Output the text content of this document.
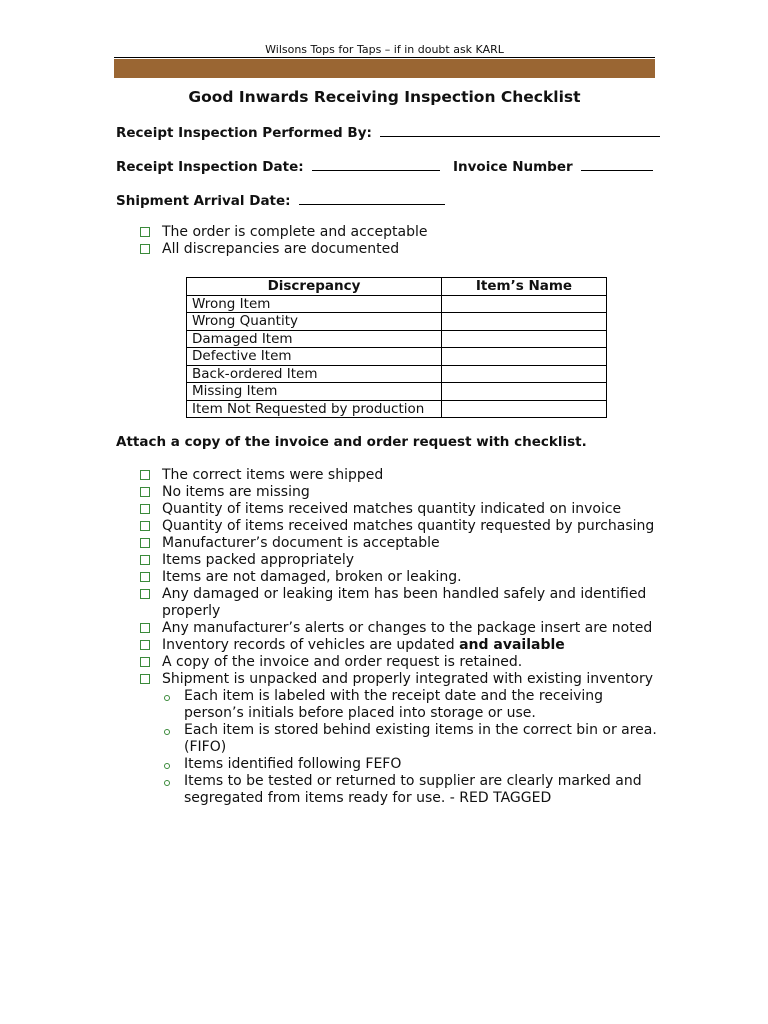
Wilsons Tops for Taps – if in doubt ask KARL
Good Inwards Receiving Inspection Checklist
Receipt Inspection Performed By:
Receipt Inspection Date:	Invoice Number
Shipment Arrival Date:
The order is complete and acceptable
All discrepancies are documented
Discrepancy	Item’s Name
Wrong Item	
Wrong Quantity	
Damaged Item	
Defective Item	
Back-ordered Item	
Missing Item	
Item Not Requested by production	
Attach a copy of the invoice and order request with checklist.
The correct items were shipped
No items are missing
Quantity of items received matches quantity indicated on invoice
Quantity of items received matches quantity requested by purchasing
Manufacturer’s document is acceptable
Items packed appropriately
Items are not damaged, broken or leaking.
Any damaged or leaking item has been handled safely and identified properly
Any manufacturer’s alerts or changes to the package insert are noted
Inventory records of vehicles are updated and available
A copy of the invoice and order request is retained.
Shipment is unpacked and properly integrated with existing inventory
Each item is labeled with the receipt date and the receiving person’s initials before placed into storage or use.
Each item is stored behind existing items in the correct bin or area. (FIFO)
Items identified following FEFO
Items to be tested or returned to supplier are clearly marked and segregated from items ready for use. - RED TAGGED
